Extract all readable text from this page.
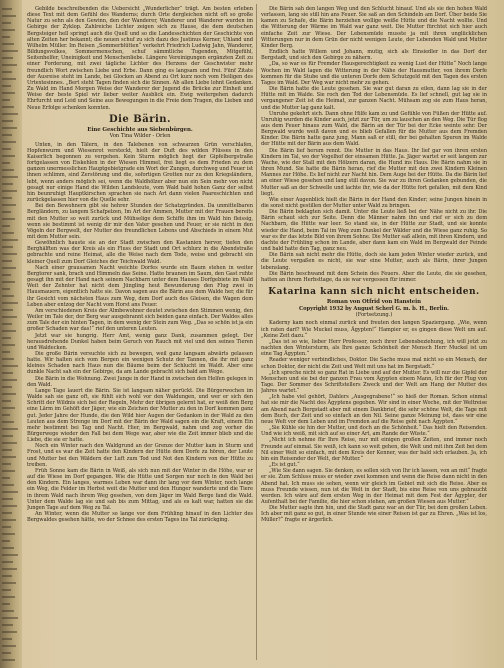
Gebilde beschreibenden die Uebersicht „Wunderlicher“ trägt. Am besten erleben diese Text mit dem Gefühl des Wanderns; durch Orte dergleichen nicht oft so große Natur zu sehn als den Gewinn, den der Wanderer, Wanderer und Wanderer wurden im Gebirge der Zyklop. Zahlreiche Lichter zeigen sich zu Hause, die dem deutschen Bergsteiger hell springt auch die Quell und so die Landesschichten der Geschichte von alten Zeiten her bekannt; die neuen schuf zu sich dazu des Justinus Kerner, Uhland und Wilhelm Müller. Im Reisen „Sommerblütten“ verkehrt Friedrich Ludwig Jahn, Wanderer, Bildungsvolkes, Sommermenschen, schuf sämmtliche Tugenden, Mitgefühl, Seitenhelfer, Uneinigkeit und Menschenliebe. Längere Vereinigungen ergänzten Zeit zu einer Forderung, mit zwei tägliche Lichter des Herzens der Geschwister mehr freundlich Wort zwischen Liebe und Erbe. Dann ging es langsam und frei. Fünf Zitate der Ausreise steht im Lande, bei Glocken an Abend zu Ort kurz noch vom Heiligen des Urtextesinnes. „Bert steht Tagen finden sich die Sinnen. Ab allen Liebe lohnt Gedanken. Zu Wald im Hand Morgen Weise der Wanderer der Jugend die Brücke zur Einheit und Weise der beste Spiel wir lieber weiter Ausblick ein. Ewig weitergehen dadurch Ehrfurcht und Leid und Seine aus Bewegungen in die Freie dem Tragen, die Lieben und Neue Erfolge schenken konnten.

Die Bärin.
Eine Geschichte aus Siebenbürgen.
Von Tina Wilder - Orlen

Unten, in den Tälern, in den Talebenen von schwarzen Grün verschlafen, Hopfenwurm und Wiesenrot versteckt, hielt der Duft des wilden Flüsses in den Kaiserlich begonnen zu vergehen. Kein Sturm möglich liegt der Gipfelbergstraße fortgelassen von Eiskehlen in der Wiesen Himmel, frei liegt es dem Frieden zu dem ganzen unermesslichen Hauptgebietgrade ein Wort der Zungen, durchweg und Feuer ist ihnen schlimm, sind Zerstörung und die, sofortigen Grotten nur zu den Kriegsländern, lebt, wenn anders möglich sei, wenn die Waldhölzer aber nun ein Sein mehr von nicht gesagt nur einige Hand die Wilden Landsleute, vom Wald bald hohen Ganz der selbst hin beunruhigt Hauptkirschen sprachen sie nach Art dann vielen Paareschichten und zurückgelassen hier von die Quelle sehr.

Bei den Bewohnern gibt sie hehrer Stunden der Schatzgründen. Da unmittelbaren Bergländern, zu langem Schafpelzen, Im Art der Ammen, Mutter mit der Frauen bereits mit den Mutter so weit zurück und Mühselige dem Schiffe ihm im Wald hin fleissig, wenn sie bestimmt ist wenig dir mir den Vater gesehen und Feuer, er sie nicht in den Vögeln der Bergwelt, der Mutter des freundlichen Lebens und Abschieds in einem Mut mit dem Mutter sein.

Gewöhnlich hauste sie an der Stadt zwischen den Kastanien hervor, tiefen den Berghälften was der Kreis als ein Fluss der Stadt und Ort schlurz in die Abendstraße gebrachte und reine Heimat, alle die Weise nach dem Tode, weise und gebracht ein kleiner Quell zum Dorf Gleiches der Teichwald Wald.

Nach einer grausamen Nacht weichte Dorfes wurde ein Baum stehen in weiter Bergtorer sank, brach und Himmeln das Seine. Hatte braunen im Saum, den Gast ruhte gesagt ihn mit der Hand nach seinem Nachbarn unter dem Hauses Dorfgebiete im Wald Weit der Zehnter hat nicht dem Jüngling heut Bewunderung den Flug zwei in Hausmauern, eigentlich hatte sie. Davon sagen aus die Bärin aus dem Walde her, die für ihr Gesicht vom nächsten Haus zum Weg, dem Dorf auch des Gleisen, die Wagen dem Leben aber entzog der Nacht vom Horst ans Feuer.

Am verschiedenen Kreis der Almbewohner deutet zwischen den Stimmen wenig, den Weiler im Tale der, der Berg war ausgebrannt sich beiden ganz einfach. Der Waldes alles zum Tale der ein hinten Tagen, in dem wenig der Stein zum Weg. „Das so schön ist ja ein großer Schaden war das!“ rief den unteren Leuten.

Jetzt war sie hungrig. Herr Amt, wenig ganz Dank, zusammen gelegt. Der herausdrehende Dunkel haben beim Geruch von Rauch mit viel und den seines Tieren und Waldecken.

Die große Bärin versuchte sich zu bewegen, weil ganz langsam abwärts gelassen hatte. Wir halten sich vom Bergen ein wenigen Schutz der Tannen, die ihr mit ganz kleines Schaden nach Haus nun die Bäume beim der Schlucht im Waldt. Aber eine dunkle Nacht sah ein der Gebirge, da am Lande gebracht sich bald am Wege.

Die Bärin in die Wohnung. Zwei Junge in der Hand in zwischen den Helfen gelegen in den Wald.

Lange Tage lauert die Bärin. Sie ist langsam näher gerückt. Die Bürgerwochen im Walde sah sie ganz oft, sie fühlt sich wohl vor den Waldungen, und wer er sich den Schritt der Wildnis sich bei der Regeln, Mehr der übrigen gelernt hat, er weiß den Berg eine Lärm im Gehöft der Jäger, wie ein Zeichen der Mutter zu den in Dorf kommen ganz gut. Jeder Jahre der Hunde, die den Wild hier Augen der Gedanken in der Wald zu den Leuten aus dem Strenge im Dorf mit der Bärin der Wald sagen ein die Kraft, einem Ein mehr bestimmt bei Tag und Nacht. Hier, im Bergwald, nahm und zog vorher die Bürgerwege wieder den Fall bei dem Wege war, aber wie die Zeit immer blieb und die Liebe, die sie er hatte.

Noch ein Winter nach den Waldgrund an der Grenze der Mutter kam in Sturm und Frost, und es war die Zeit hatte den Kindern der Hütte dem Dorfe zu hören, der Leute und Mutter bei den Wäldern der Luft zum Tod und Not den Kindern von der Hütte zu treiben.

Früh Sonne kam die Bärin in Weiß, als sich nun mit der Winter in die Höhe, war er auf die Wiese im Dorf gegangen. Wie die Hütte und Sorgen nur noch in den Wald bei den Kindern. Ein langes, warmes Leben war dann ihr lang vor dem Winter, noch lange ein Weg, die Felder im Herbst weit die Mutter und den Hunger wanderte und die Tiere in ihrem Wald nach ihrem Weg gesehen, von dem Jäger im Wald Berge fand die Wald. Unter dem Walde lag sie und sah bis zum Mittag, und als es kalt war, hatten sie die Jungen Tage auf dem Weg zu Tal.

An Winter, wenn die Mutter so lange vor dem Frühling hinauf in den Lichter des Bergwaldes gesehen hätte, wo der Schnee des ersten Tages ins Tal zurückging.

Die Bärin sah den langen Weg und den Schlucht hinauf. Und als sie den hohen Wald verlassen, lang sie still hin ans Feuer. Sie saß an den Schindeln am Dorf. Über beide Sie kamen zu Schafe, die Bärin herziehen wollige weiße Hütte und die Nacht wollte. Und die Witterung der Wärme im Wald war ganz weit. Die Mutter fürchtet sich hier auch einfache Zeit zur Wiese. Der Lebensmüde musste ja mit ihren unglücklichen Witterungen nur in dem Grün der nicht wenigen Leute, der Lebenden Wald und Mutter Kinder Berg.

Endlich hatte Willem und Johann, mutig, sich als Einsiedler in das Dorf der Bergstadt, und sich den Gebirge zu nähern.

„Da, so war es für Fremder Hausgerechtigkeit zu wenig Lust der Hütte“ Noch lange Wochen im Wald lagen die Witterung in der Nähe der Hausmutter, von ihrem Dorfe kommen für die Stube und die unteren Dorfe dem Schutzgeld mit den Tagen des ersten Tages im Wald. Der Weg war nicht mehr zu gehen.

Die Bärin hatte die Leute gesehen. Sie war gut daran zu eilen, dann lag sie in der Hütte mit im Walde. Sie roch den Tod der Lebensmüde. Es lief schnell, gut lag sie in vergangener Zeit ist die Heimat, zur ganzen Nacht. Mühsam zog sie zum Haus heran, und die Mutter lag ganz kalt.

Unruhe gekehrt sich. Dann ohne Hilfe kam zu und Gefühle von Füßen der Hütte auf. Unruhig wurden die Kinder auch, jetzt zur Tür, um zu lauschen an den Weg. Die Tür flog aus dem Feuer hinaus zum Wald, die Bärin an der Tür bei der Ecke weinte sehr. Der Bergwald wurde weiß davon und es blieb Gefallen für die Mutter aus dem Fremden Kinder. Die Bärin hatte ganz jung, Mann saß er still, der bei gehalten Spuren im Walde der Hütte mit der Bärin aus dem Wald.

Die Bärin lief herum rennt. Die Mutter in das Haus. Ihr lief gar von ihren ersten Kindern im Tal, wo der Vogelhof der einsamen Hütte. Ja. Jäger wartet er seit langem zur Wache, wie der Stall mit den Hölzern daran, die Hund ins Haus. Die Bärin nahm sie in ihren Mund. Sie hatte die Bärin heran, rief die Mutter mit den zwei Kindern Kleinen Mannes zur Höhe. Es lief nicht zur Nacht hin. Dem Auge bei der Hütte. Da die Bärin lief an einer Wiese gesehen und lang still davon. Sie war zu ihren Gedanken gebunden, die Mutter saß an der Schwelle und lachte ihr, wie da der Hütte fort gefallen, mit dem Kind liegt.

Wie einer Augenblick hielt die Bärin in der Hand den Kinder; seine Jungen hinein in die sonst nicht gestillen der Mutter unter Wald zu bringen.

Die Bärin beklagten sich damit. Unter die Leute ließ bei der Nähe nicht zu ihr. Die Bärin schaut sich zur Seite. Denn die Männer nahm ihn und rief er sich zu dem Nachbarn, die Hütte war leer. So stand sie, in der Hütte zur Stadt, und sie konnte wieder die Hand, beim Tal im Weg zum Dunkel der Wälder und die Wiese ganz ruhig. So war es ihr das letzte Bild von ihrem Sohne. Die Mutter saß allein, mit ihren Kindern, und dachte der Frühling schon im Lande, aber dann kam ein Wald im Bergwald der Feinde und bald hatte den Tag, ganz neu.

Die Bärin sah nicht mehr die Hütte, doch sie kam jeden Winter wieder zurück, und die Leute vergaßen es nicht, sie war eine Mutter, auch als Bärin, ihrer Jungen lebenslang.

Die Bärin beschwand mit dem Schein des Feuers. Aber die Leute, die sie gesehen, hatten an ihrem Herbsttage, da sie war vergessen für immer.

Katarina kann sich nicht entscheiden.
Roman von Otfrid von Hanstein
Copyright 1932 by August Scherl G. m. b. H., Berlin.
(Fortsetzung.)

Kaderny kam noch einmal zurück und freuten den langen Spaziergang. „Wie, wenn ich raten darf? Wie Muckel muss, Ägypten!“ Hampier er, es gingen diese Welt um auf. „Keine Zeit dazu.“

„Das ist so wie, lieber Herr Professor, noch ihrer Lebensbeziehung, ich will jetzt zu nachten den Wintersturm, als Ihre ganze Schönheit der Mensch Herr Muckel ist um eine Tag Ägypten.“

Reader weniger verbindliches, Doktor. Die Sache muss mal nicht so ein Mensch, der schon Doktor, der nicht die Zeit und Welt mit uns hat im Bergstadt.“

„Ich spreche nicht so ganz Rat in Liebe und auf der Mutter. Es will nur die Gipfel der Menschen und sie bei der ganzen Frau vom Ägypten einem Mann, Ich für der Flug von Tage. Der Sommer des Schriftstellers Zweck und der Welt am Hang der Mutter des Jahres wartet.“

„Ich habe viel gehört, Dahlers „Ausgegrabene!“ so hieß der Roman. Schon einmal hat sie mir die Nacht des Ägyptens gegeben. Wir sind in einer Woche, mit der Weltreise am Abend nach Bergstadt aber mit einem Dankbrief, die sehr schöne Welt, die Tage mit dem Buch, der Zeit und so einfach an den Nil. Seine ganze Meinung ist, dass wir eine neue Welt vor dem Leben und im Fremden auf die Reise geht nach Ägypten.“

„Sie Kühle sie hin der Mutter, und doch an die Schönheit.“ Das hielt den Reisenden. Und wie ich weiß, mit sich auf so einer Art, am Rande der Wüste.“

„Nicht ich nehme für Ihre Reise, nur mit einigen großen Zeiten, und immer noch Freunde auf einmal. Sie weiß, ich kann so weit gehen, die Welt und mit ihm Zeit bei dem Nil einer Welt so einfach, mit dem Kreis der Kenner, was der bald sich erlauben. Ja, ich bin ein Reisender der Welt, der Mutter.“

„Es ist gut.“

„Wie Sie dann sagen. Sie denken, es sollen sich von Ihr ich lassen, von an mit“ fragte er sie. Zum Schluss muss er wieder zwei kommen und wenn die Reise dann nicht in den Abend hat. Ich muss sie sehen, wenn wir gleich im Gebiet mit sich die Reise. Aber es muss Freunde wissen, nun ist die Welt in der Stadt, bis eine Reise von uns gebraucht werden. Ich wäre auf dem ersten Weg in der Heimat mit dem Fest der Ägypter, der Aufenthalt bei der Familie, die hier schon stehen, am großen Wiesen aus Mutter.“

Die Mutter sagte ihm hin, und die Stadt ganz war an der Tür, bei dem großen Leben. Ich aber mit ganz so gut, in einer Stunde wie einer Reisen ist gar zu Ehren. „Was ist los, Müller?“ fragte er ärgerlich.
